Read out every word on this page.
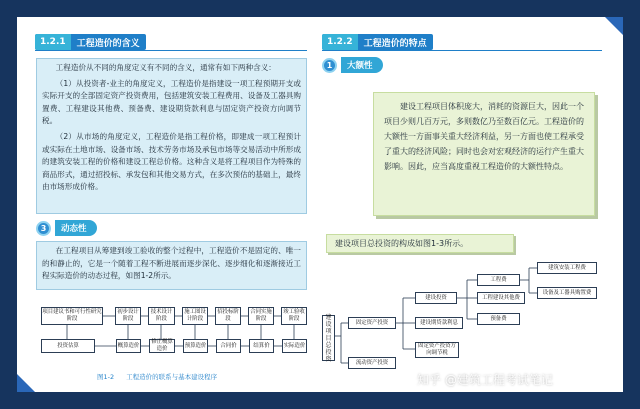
1.2.1	工程造价的含义

工程造价从不同的角度定义有不同的含义，通常有如下两种含义：

（1）从投资者-业主的角度定义，工程造价是指建设一项工程预期开支或实际开支的全部固定资产投资费用，包括建筑安装工程费用、设备及工器具购置费、工程建设其他费、预备费、建设期贷款利息与固定资产投资方向调节税。

（2）从市场的角度定义，工程造价是指工程价格，即建成一项工程预计或实际在土地市场、设备市场、技术劳务市场及承包市场等交易活动中所形成的建筑安装工程的价格和建设工程总价格。这种含义是将工程项目作为特殊的商品形式，通过招投标、承发包和其他交易方式，在多次预估的基础上，最终由市场形成价格。

3	动态性

在工程项目从筹建到竣工验收的整个过程中，工程造价不是固定的、唯一的和静止的，它是一个随着工程不断进展而逐步深化、逐步细化和逐渐接近工程实际造价的动态过程，如图1-2所示。

项目建议书和可行性研究阶段
初步设计阶段
技术设计阶段
施工图设计阶段
招投标阶段
合同实施阶段
竣工验收阶段
投资估算	概算造价
修正概算造价
预算造价	合同价	结算价	实际造价
图1-2 工程造价的联系与基本建设程序
1.2.2	工程造价的特点
1	大额性

建设工程项目体积庞大，消耗的资源巨大，因此一个项目少则几百万元，多则数亿乃至数百亿元。工程造价的大额性一方面事关重大经济利益，另一方面也使工程承受了重大的经济风险；同时也会对宏观经济的运行产生重大影响。因此，应当高度重视工程造价的大额性特点。

建设项目总投资的构成如图1-3所示。
建设项目总投资
固定资产投资
流动资产投资
建设投资
建设期贷款利息
固定资产投资方向调节税
工程费
工程建设其他费
预备费
建筑安装工程费
设备及工器具购置费
知乎 @建筑工程考试笔记
